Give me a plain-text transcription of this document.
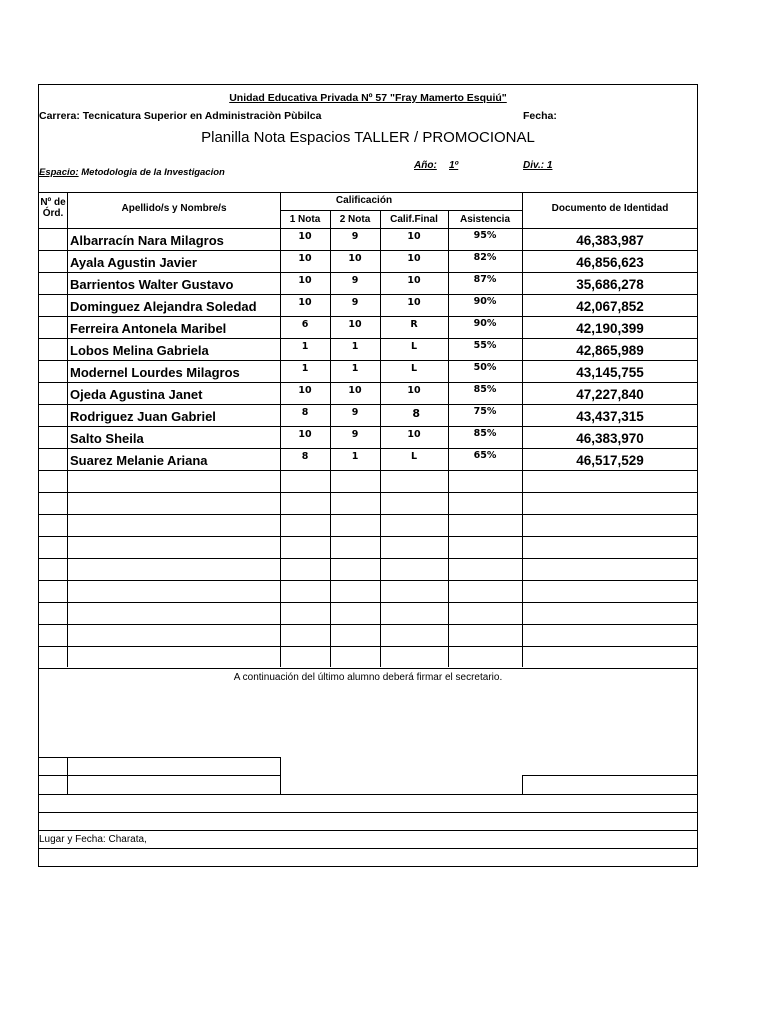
Unidad Educativa Privada Nº 57 "Fray Mamerto Esquiú"
Carrera: Tecnicatura Superior en Administraciòn Pùbilca	Fecha:
Planilla Nota Espacios TALLER / PROMOCIONAL
Espacio: Metodologia de la Investigacion
Año: 1º	Div.: 1
Nº de Órd.	Apellido/s y Nombre/s
Calificación
1 Nota	2 Nota	Calif.Final	Asistencia
Documento de Identidad
Albarracín Nara Milagros	10	9	10	95%	46,383,987
Ayala Agustin Javier	10	10	10	82%	46,856,623
Barrientos Walter Gustavo	10	9	10	87%	35,686,278
Dominguez Alejandra Soledad	10	9	10	90%	42,067,852
Ferreira Antonela Maribel	6	10	R	90%	42,190,399
Lobos Melina Gabriela	1	1	L	55%	42,865,989
Modernel Lourdes Milagros	1	1	L	50%	43,145,755
Ojeda Agustina Janet	10	10	10	85%	47,227,840
Rodriguez Juan Gabriel	8	9	8	75%	43,437,315
Salto Sheila	10	9	10	85%	46,383,970
Suarez Melanie Ariana	8	1	L	65%	46,517,529
A continuación del último alumno deberá firmar el secretario.
Lugar y Fecha: Charata,
